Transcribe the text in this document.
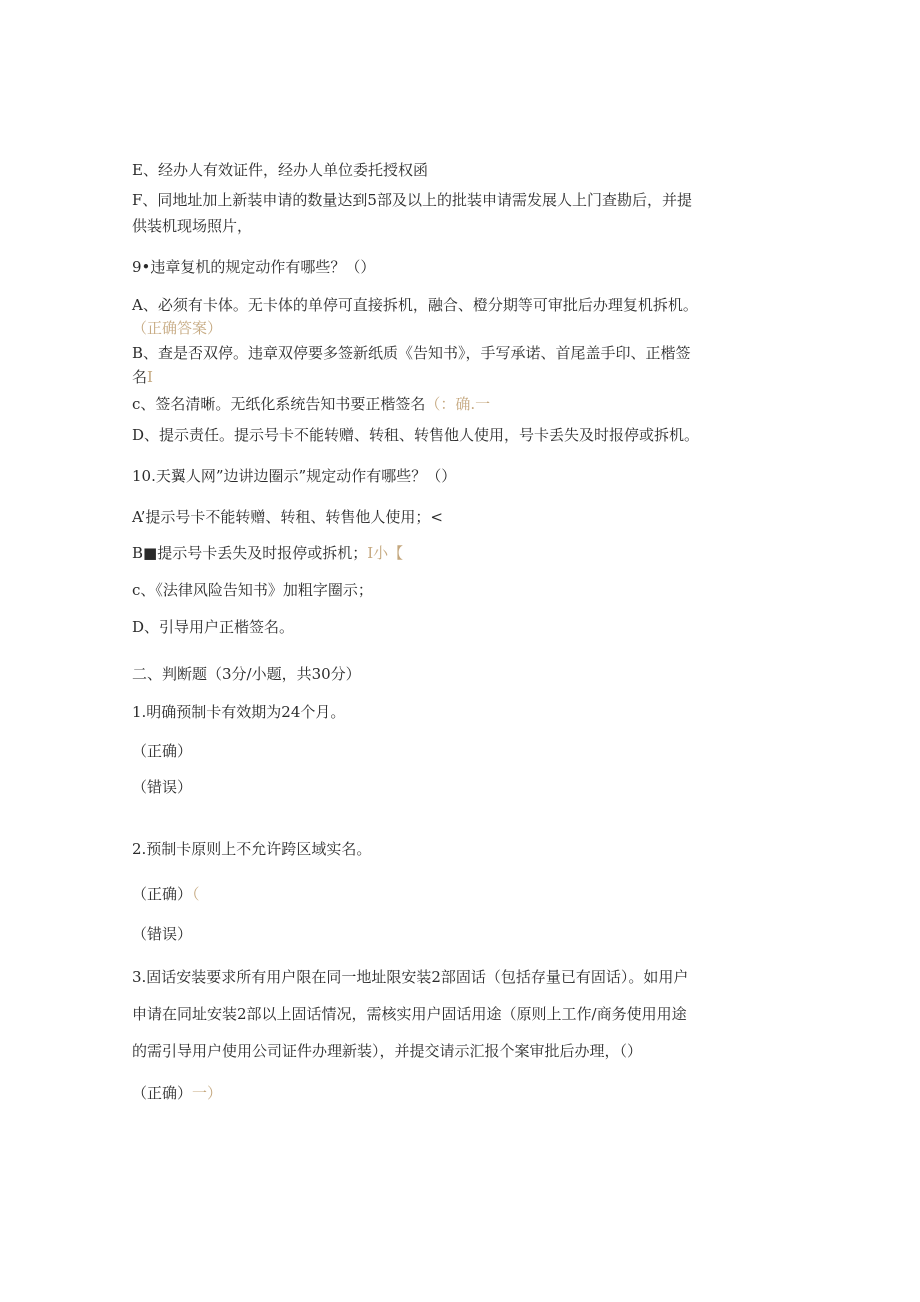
E、经办人有效证件，经办人单位委托授权函
F、同地址加上新装申请的数量达到5部及以上的批装申请需发展人上门查勘后，并提
供装机现场照片，
9•违章复机的规定动作有哪些？（）
A、必须有卡体。无卡体的单停可直接拆机，融合、橙分期等可审批后办理复机拆机。
（正确答案）
B、查是否双停。违章双停要多签新纸质《告知书》，手写承诺、首尾盖手印、正楷签
名I
c、签名清晰。无纸化系统告知书要正楷签名（：确.一
D、提示责任。提示号卡不能转赠、转租、转售他人使用，号卡丢失及时报停或拆机。
10.天翼人网”边讲边圈示”规定动作有哪些？（）
A’提示号卡不能转赠、转租、转售他人使用；<
B■提示号卡丢失及时报停或拆机；I小【
c、《法律风险告知书》加粗字圈示；
D、引导用户正楷签名。
二、判断题（3分/小题，共30分）
1.明确预制卡有效期为24个月。
（正确）
（错误）
2.预制卡原则上不允许跨区域实名。
（正确）（
（错误）
3.固话安装要求所有用户限在同一地址限安装2部固话（包括存量已有固话）。如用户
申请在同址安装2部以上固话情况，需核实用户固话用途（原则上工作/商务使用用途
的需引导用户使用公司证件办理新装），并提交请示汇报个案审批后办理，（）
（正确）一）
